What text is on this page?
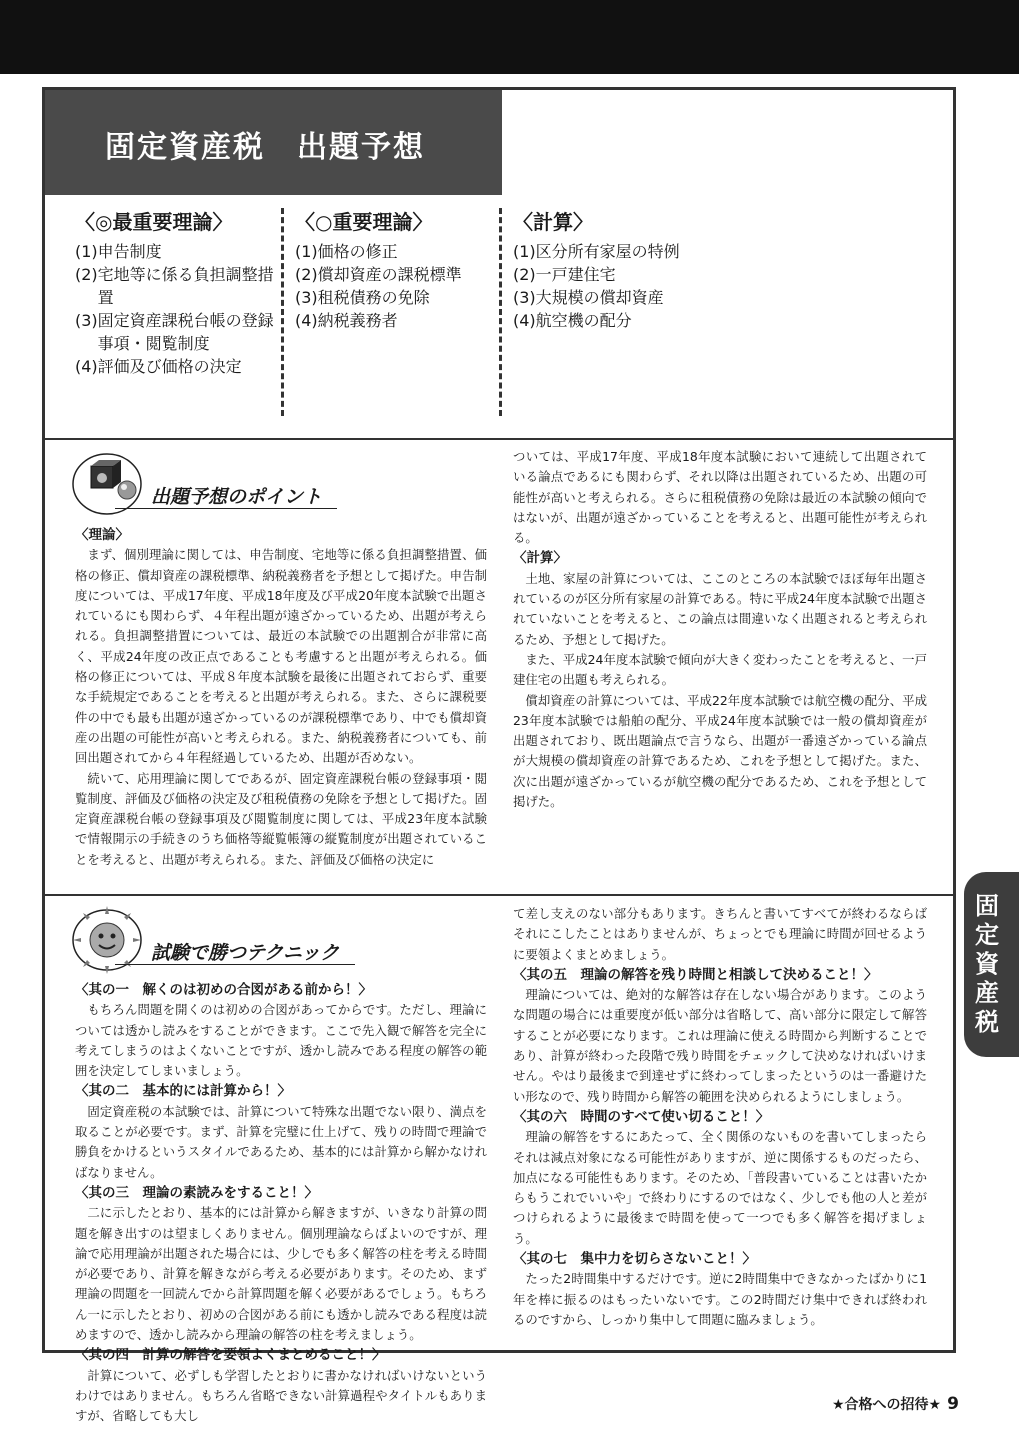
固定資産税　出題予想
〈◎最重要理論〉
(1) 申告制度
(2) 宅地等に係る負担調整措置
(3) 固定資産課税台帳の登録事項・閲覧制度
(4) 評価及び価格の決定
〈○重要理論〉
(1) 価格の修正
(2) 償却資産の課税標準
(3) 租税債務の免除
(4) 納税義務者
〈計算〉
(1) 区分所有家屋の特例
(2) 一戸建住宅
(3) 大規模の償却資産
(4) 航空機の配分
出題予想のポイント
〈理論〉
まず、個別理論に関しては、申告制度、宅地等に係る負担調整措置、価格の修正、償却資産の課税標準、納税義務者を予想として掲げた。申告制度については、平成17年度、平成18年度及び平成20年度本試験で出題されているにも関わらず、４年程出題が遠ざかっているため、出題が考えられる。負担調整措置については、最近の本試験での出題割合が非常に高く、平成24年度の改正点であることも考慮すると出題が考えられる。価格の修正については、平成８年度本試験を最後に出題されておらず、重要な手続規定であることを考えると出題が考えられる。また、さらに課税要件の中でも最も出題が遠ざかっているのが課税標準であり、中でも償却資産の出題の可能性が高いと考えられる。また、納税義務者についても、前回出題されてから４年程経過しているため、出題が否めない。
続いて、応用理論に関してであるが、固定資産課税台帳の登録事項・閲覧制度、評価及び価格の決定及び租税債務の免除を予想として掲げた。固定資産課税台帳の登録事項及び閲覧制度に関しては、平成23年度本試験で情報開示の手続きのうち価格等縦覧帳簿の縦覧制度が出題されていることを考えると、出題が考えられる。また、評価及び価格の決定に
ついては、平成17年度、平成18年度本試験において連続して出題されている論点であるにも関わらず、それ以降は出題されているため、出題の可能性が高いと考えられる。さらに租税債務の免除は最近の本試験の傾向ではないが、出題が遠ざかっていることを考えると、出題可能性が考えられる。
〈計算〉
土地、家屋の計算については、ここのところの本試験でほぼ毎年出題されているのが区分所有家屋の計算である。特に平成24年度本試験で出題されていないことを考えると、この論点は間違いなく出題されると考えられるため、予想として掲げた。
また、平成24年度本試験で傾向が大きく変わったことを考えると、一戸建住宅の出題も考えられる。
償却資産の計算については、平成22年度本試験では航空機の配分、平成23年度本試験では船舶の配分、平成24年度本試験では一般の償却資産が出題されており、既出題論点で言うなら、出題が一番遠ざかっている論点が大規模の償却資産の計算であるため、これを予想として掲げた。また、次に出題が遠ざかっているが航空機の配分であるため、これを予想として掲げた。
試験で勝つテクニック
〈其の一　解くのは初めの合図がある前から！〉
もちろん問題を開くのは初めの合図があってからです。ただし、理論については透かし読みをすることができます。ここで先入観で解答を完全に考えてしまうのはよくないことですが、透かし読みである程度の解答の範囲を決定してしまいましょう。
〈其の二　基本的には計算から！〉
固定資産税の本試験では、計算について特殊な出題でない限り、満点を取ることが必要です。まず、計算を完璧に仕上げて、残りの時間で理論で勝負をかけるというスタイルであるため、基本的には計算から解かなければなりません。
〈其の三　理論の素読みをすること！〉
二に示したとおり、基本的には計算から解きますが、いきなり計算の問題を解き出すのは望ましくありません。個別理論ならばよいのですが、理論で応用理論が出題された場合には、少しでも多く解答の柱を考える時間が必要であり、計算を解きながら考える必要があります。そのため、まず理論の問題を一回読んでから計算問題を解く必要があるでしょう。もちろん一に示したとおり、初めの合図がある前にも透かし読みである程度は読めますので、透かし読みから理論の解答の柱を考えましょう。
〈其の四　計算の解答を要領よくまとめること！〉
計算について、必ずしも学習したとおりに書かなければいけないというわけではありません。もちろん省略できない計算過程やタイトルもありますが、省略しても大し
て差し支えのない部分もあります。きちんと書いてすべてが終わるならばそれにこしたことはありませんが、ちょっとでも理論に時間が回せるように要領よくまとめましょう。
〈其の五　理論の解答を残り時間と相談して決めること！〉
理論については、絶対的な解答は存在しない場合があります。このような問題の場合には重要度が低い部分は省略して、高い部分に限定して解答することが必要になります。これは理論に使える時間から判断することであり、計算が終わった段階で残り時間をチェックして決めなければいけません。やはり最後まで到達せずに終わってしまったというのは一番避けたい形なので、残り時間から解答の範囲を決められるようにしましょう。
〈其の六　時間のすべて使い切ること！〉
理論の解答をするにあたって、全く関係のないものを書いてしまったらそれは減点対象になる可能性がありますが、逆に関係するものだったら、加点になる可能性もあります。そのため、「普段書いていることは書いたからもうこれでいいや」で終わりにするのではなく、少しでも他の人と差がつけられるように最後まで時間を使って一つでも多く解答を掲げましょう。
〈其の七　集中力を切らさないこと！〉
たった2時間集中するだけです。逆に2時間集中できなかったばかりに1年を棒に振るのはもったいないです。この2時間だけ集中できれば終われるのですから、しっかり集中して問題に臨みましょう。
固
定
資
産
税
★合格への招待★ 9
